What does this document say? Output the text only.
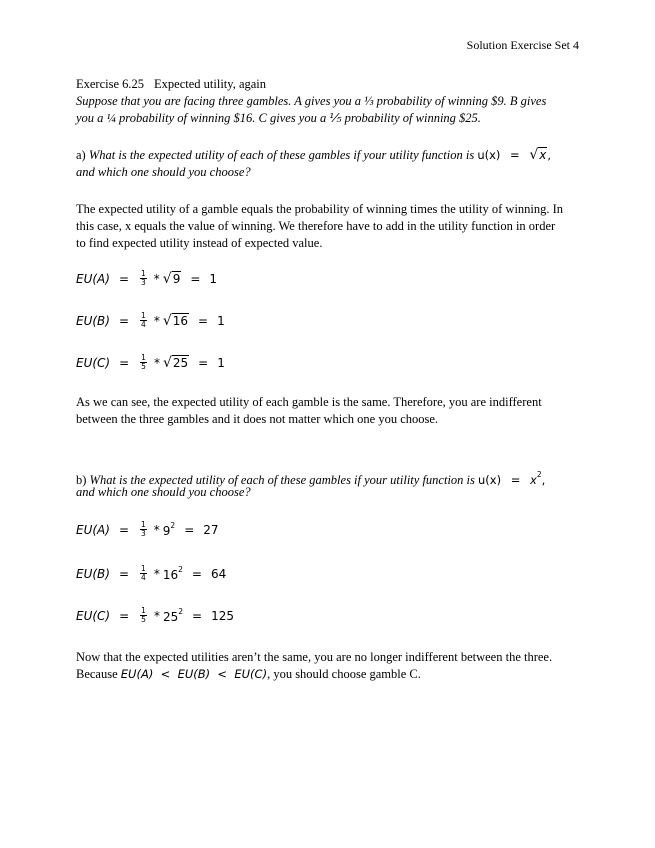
Solution Exercise Set 4
Exercise 6.25 Expected utility, again
Suppose that you are facing three gambles. A gives you a ⅓ probability of winning $9. B gives
you a ¼ probability of winning $16. C gives you a ⅕ probability of winning $25.
a) What is the expected utility of each of these gambles if your utility function is u(x) = √ x ,
and which one should you choose?
The expected utility of a gamble equals the probability of winning times the utility of winning. In
this case, x equals the value of winning. We therefore have to add in the utility function in order
to find expected utility instead of expected value.
$EU(A) = \frac{1}{3}$ * √ 9 = 1
$EU(B) = \frac{1}{4}$ * √ 16 = 1
$EU(C) = \frac{1}{5}$ * √ 25 = 1
As we can see, the expected utility of each gamble is the same. Therefore, you are indifferent
between the three gambles and it does not matter which one you choose.
b) What is the expected utility of each of these gambles if your utility function is $u(x) = x^2$,
and which one should you choose?
$EU(A) = \frac{1}{3} * 9^2 = 27$
$EU(B) = \frac{1}{4} * 16^2 = 64$
$EU(C) = \frac{1}{5} * 25^2 = 125$
Now that the expected utilities aren’t the same, you are no longer indifferent between the three.
Because EU(A)  <  EU(B)  <  EU(C), you should choose gamble C.
